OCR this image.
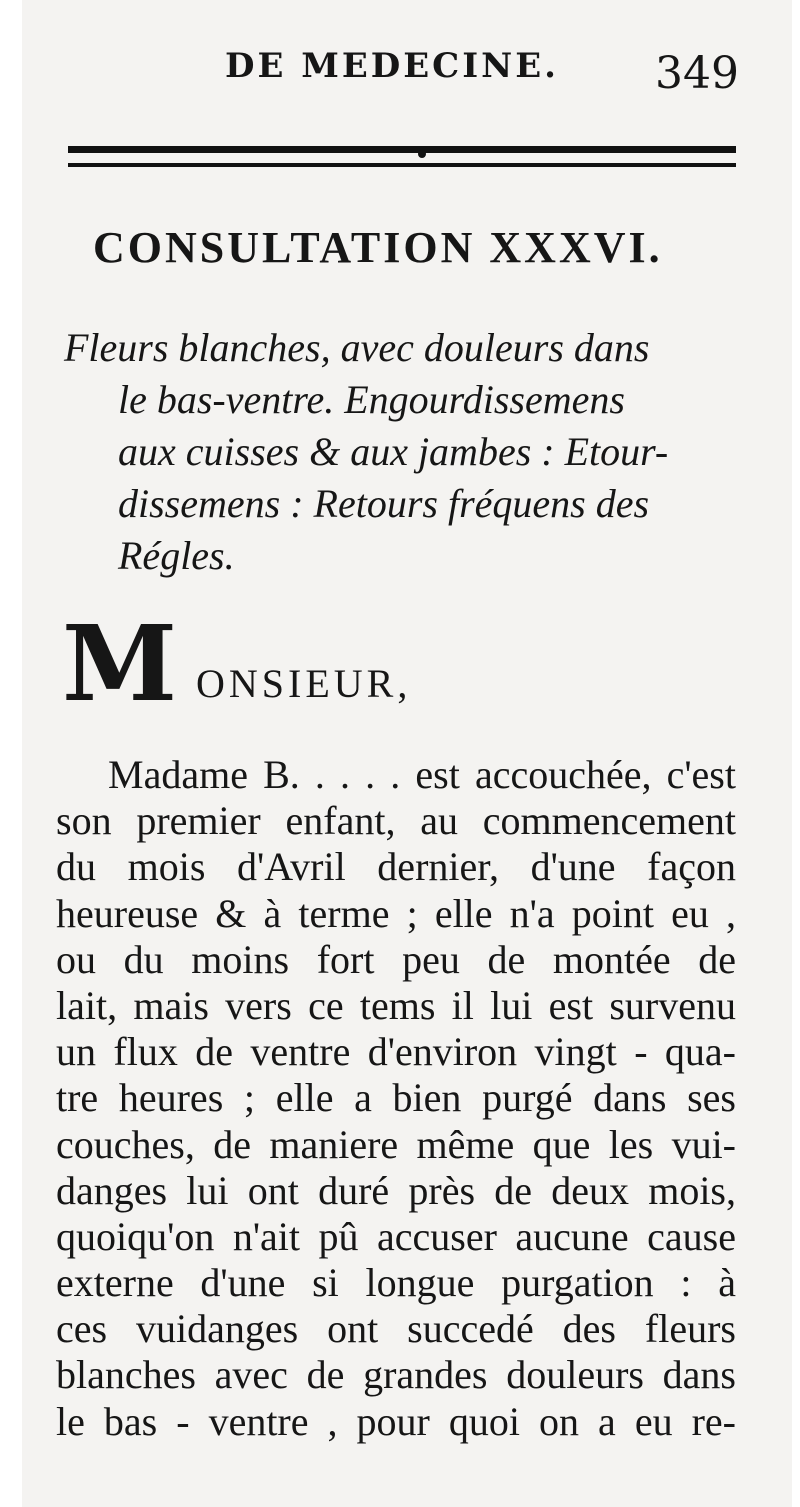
DE MEDECINE. 349
CONSULTATION XXXVI.
Fleurs blanches, avec douleurs dans
le bas-ventre. Engourdissemens
aux cuisses & aux jambes : Etour-
dissemens : Retours fréquens des
Régles.
M ONSIEUR,
Madame B. . . . . est accouchée, c'est
son premier enfant, au commencement
du mois d'Avril dernier, d'une façon
heureuse & à terme ; elle n'a point eu ,
ou du moins fort peu de montée de
lait, mais vers ce tems il lui est survenu
un flux de ventre d'environ vingt - qua-
tre heures ; elle a bien purgé dans ses
couches, de maniere même que les vui-
danges lui ont duré près de deux mois,
quoiqu'on n'ait pû accuser aucune cause
externe d'une si longue purgation : à
ces vuidanges ont succedé des fleurs
blanches avec de grandes douleurs dans
le bas - ventre , pour quoi on a eu re-
